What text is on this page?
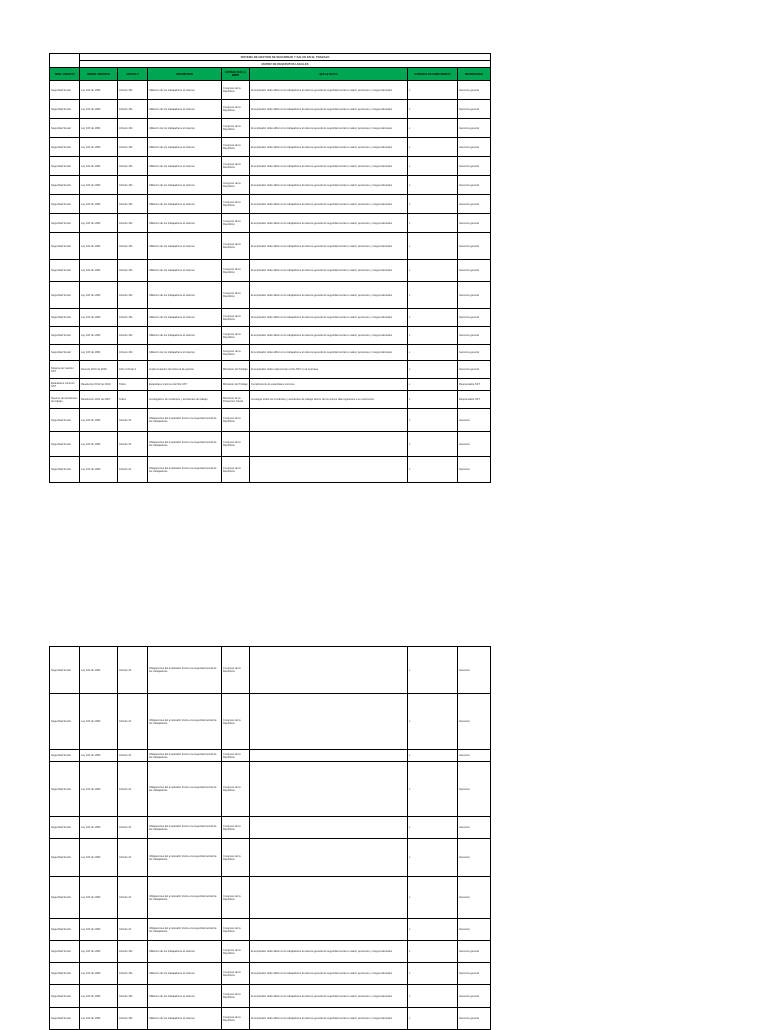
	SISTEMA DE GESTION DE SEGURIDAD Y SALUD EN EL TRABAJO						
	MATRIZ DE REQUISITOS LEGALES						
TEMA / ASPECTO	NORMA / DECRETO	ARTICULO	DESCRIPCION	ENTIDAD QUE LA EMITE	QUE LE APLICA	EVIDENCIA DE CUMPLIMIENTO	RESPONSABLE
Seguridad Social	Ley 100 de 1993	Articulo 161	Afiliacion de los trabajadores al sistema	Congreso de la Republica	El empleador debe afiliar a los trabajadores al sistema general de seguridad social en salud, pensiones y riesgos laborales.	x	Gerencia general
Seguridad Social	Ley 100 de 1993	Articulo 161	Afiliacion de los trabajadores al sistema	Congreso de la Republica	El empleador debe afiliar a los trabajadores al sistema general de seguridad social en salud, pensiones y riesgos laborales.	x	Gerencia general
Seguridad Social	Ley 100 de 1993	Articulo 161	Afiliacion de los trabajadores al sistema	Congreso de la Republica	El empleador debe afiliar a los trabajadores al sistema general de seguridad social en salud, pensiones y riesgos laborales.	x	Gerencia general
Seguridad Social	Ley 100 de 1993	Articulo 161	Afiliacion de los trabajadores al sistema	Congreso de la Republica	El empleador debe afiliar a los trabajadores al sistema general de seguridad social en salud, pensiones y riesgos laborales.	x	Gerencia general
Seguridad Social	Ley 100 de 1993	Articulo 161	Afiliacion de los trabajadores al sistema	Congreso de la Republica	El empleador debe afiliar a los trabajadores al sistema general de seguridad social en salud, pensiones y riesgos laborales.	x	Gerencia general
Seguridad Social	Ley 100 de 1993	Articulo 161	Afiliacion de los trabajadores al sistema	Congreso de la Republica	El empleador debe afiliar a los trabajadores al sistema general de seguridad social en salud, pensiones y riesgos laborales.	x	Gerencia general
Seguridad Social	Ley 100 de 1993	Articulo 161	Afiliacion de los trabajadores al sistema	Congreso de la Republica	El empleador debe afiliar a los trabajadores al sistema general de seguridad social en salud, pensiones y riesgos laborales.	x	Gerencia general
Seguridad Social	Ley 100 de 1993	Articulo 161	Afiliacion de los trabajadores al sistema	Congreso de la Republica	El empleador debe afiliar a los trabajadores al sistema general de seguridad social en salud, pensiones y riesgos laborales.	x	Gerencia general
Seguridad Social	Ley 100 de 1993	Articulo 161	Afiliacion de los trabajadores al sistema	Congreso de la Republica	El empleador debe afiliar a los trabajadores al sistema general de seguridad social en salud, pensiones y riesgos laborales.	x	Gerencia general
Seguridad Social	Ley 100 de 1993	Articulo 161	Afiliacion de los trabajadores al sistema	Congreso de la Republica	El empleador debe afiliar a los trabajadores al sistema general de seguridad social en salud, pensiones y riesgos laborales.	x	Gerencia general
Seguridad Social	Ley 100 de 1993	Articulo 161	Afiliacion de los trabajadores al sistema	Congreso de la Republica	El empleador debe afiliar a los trabajadores al sistema general de seguridad social en salud, pensiones y riesgos laborales.	x	Gerencia general
Seguridad Social	Ley 100 de 1993	Articulo 161	Afiliacion de los trabajadores al sistema	Congreso de la Republica	El empleador debe afiliar a los trabajadores al sistema general de seguridad social en salud, pensiones y riesgos laborales.	x	Gerencia general
Seguridad Social	Ley 100 de 1993	Articulo 161	Afiliacion de los trabajadores al sistema	Congreso de la Republica	El empleador debe afiliar a los trabajadores al sistema general de seguridad social en salud, pensiones y riesgos laborales.	x	Gerencia general
Seguridad Social	Ley 100 de 1993	Articulo 161	Afiliacion de los trabajadores al sistema	Congreso de la Republica	El empleador debe afiliar a los trabajadores al sistema general de seguridad social en salud, pensiones y riesgos laborales.	x	Gerencia general
Sistema de Gestion SST	Decreto 1072 de 2015	Libro 2 Parte 2	Implementacion del sistema de gestion	Ministerio del Trabajo	El empleador debe implementar el SG-SST en la empresa.	x	Gerencia general
Estandares minimos SST	Resolucion 0312 de 2019	Todos	Estandares minimos del SG-SST	Ministerio del Trabajo	Cumplimiento de estandares minimos.	x	Responsable SST
Reporte de accidentes de trabajo	Resolucion 1401 de 2007	Todos	Investigacion de incidentes y accidentes de trabajo	Ministerio de la Proteccion Social	Investigar todos los incidentes y accidentes de trabajo dentro de los quince dias siguientes a su ocurrencia.	x	Responsable SST
Seguridad Social	Ley 100 de 1993	Articulo 21	Obligaciones del empleador frente a la seguridad social de los trabajadores	Congreso de la Republica		x	Gerencia
Seguridad Social	Ley 100 de 1993	Articulo 21	Obligaciones del empleador frente a la seguridad social de los trabajadores	Congreso de la Republica		x	Gerencia
Seguridad Social	Ley 100 de 1993	Articulo 21	Obligaciones del empleador frente a la seguridad social de los trabajadores	Congreso de la Republica		x	Gerencia
Seguridad Social	Ley 100 de 1993	Articulo 21	Obligaciones del empleador frente a la seguridad social de los trabajadores	Congreso de la Republica		x	Gerencia
Seguridad Social	Ley 100 de 1993	Articulo 21	Obligaciones del empleador frente a la seguridad social de los trabajadores	Congreso de la Republica		x	Gerencia
Seguridad Social	Ley 100 de 1993	Articulo 21	Obligaciones del empleador frente a la seguridad social de los trabajadores	Congreso de la Republica		x	Gerencia
Seguridad Social	Ley 100 de 1993	Articulo 21	Obligaciones del empleador frente a la seguridad social de los trabajadores	Congreso de la Republica		x	Gerencia
Seguridad Social	Ley 100 de 1993	Articulo 21	Obligaciones del empleador frente a la seguridad social de los trabajadores	Congreso de la Republica		x	Gerencia
Seguridad Social	Ley 100 de 1993	Articulo 21	Obligaciones del empleador frente a la seguridad social de los trabajadores	Congreso de la Republica		x	Gerencia
Seguridad Social	Ley 100 de 1993	Articulo 21	Obligaciones del empleador frente a la seguridad social de los trabajadores	Congreso de la Republica		x	Gerencia
Seguridad Social	Ley 100 de 1993	Articulo 21	Obligaciones del empleador frente a la seguridad social de los trabajadores	Congreso de la Republica		x	Gerencia
Seguridad Social	Ley 100 de 1993	Articulo 161	Afiliacion de los trabajadores al sistema	Congreso de la Republica	El empleador debe afiliar a los trabajadores al sistema general de seguridad social en salud, pensiones y riesgos laborales.	x	Gerencia general
Seguridad Social	Ley 100 de 1993	Articulo 161	Afiliacion de los trabajadores al sistema	Congreso de la Republica	El empleador debe afiliar a los trabajadores al sistema general de seguridad social en salud, pensiones y riesgos laborales.	x	Gerencia general
Seguridad Social	Ley 100 de 1993	Articulo 161	Afiliacion de los trabajadores al sistema	Congreso de la Republica	El empleador debe afiliar a los trabajadores al sistema general de seguridad social en salud, pensiones y riesgos laborales.	x	Gerencia general
Seguridad Social	Ley 100 de 1993	Articulo 161	Afiliacion de los trabajadores al sistema	Congreso de la Republica	El empleador debe afiliar a los trabajadores al sistema general de seguridad social en salud, pensiones y riesgos laborales.	x	Gerencia general
